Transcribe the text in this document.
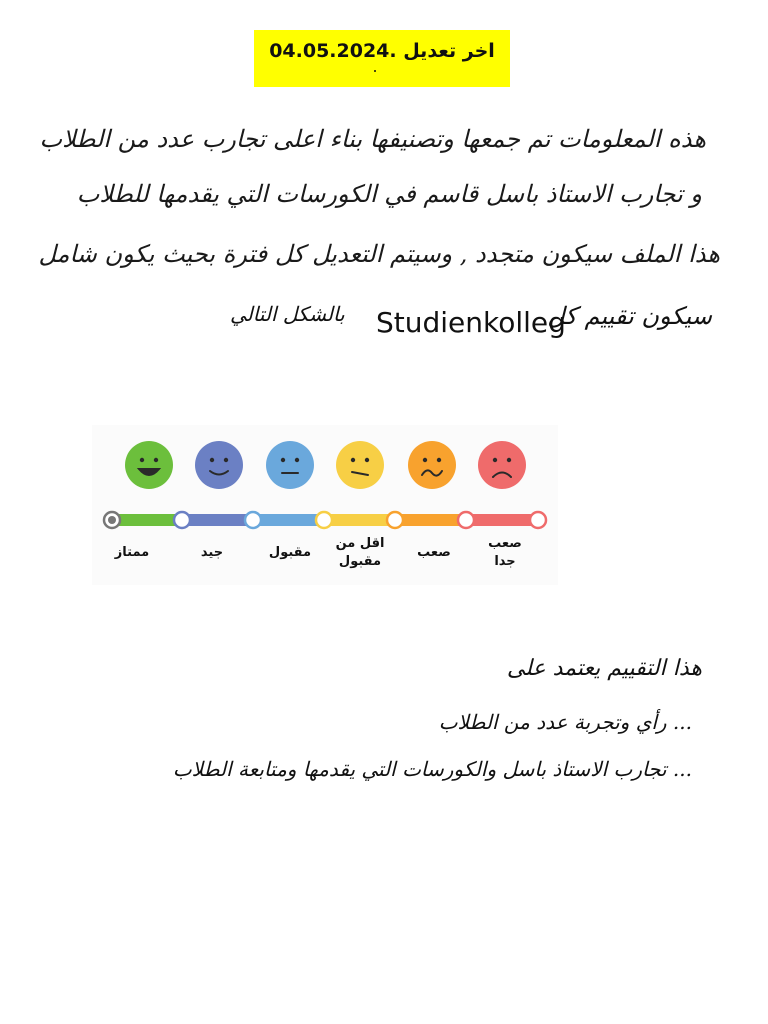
اخر تعديل .04.05.2024
هذه المعلومات تم جمعها وتصنيفها بناء اعلى تجارب عدد من الطلاب
و تجارب الاستاذ باسل قاسم في الكورسات التي يقدمها للطلاب
هذا الملف سيكون متجدد , وسيتم التعديل كل فترة بحيث يكون شامل
سيكون تقييم كل
Studienkolleg
بالشكل التالي
ممتاز	جيد	مقبول
اقل من مقبول
صعب
صعب جدا
هذا التقييم يعتمد على
... رأي وتجربة عدد من الطلاب
... تجارب الاستاذ باسل والكورسات التي يقدمها ومتابعة الطلاب
